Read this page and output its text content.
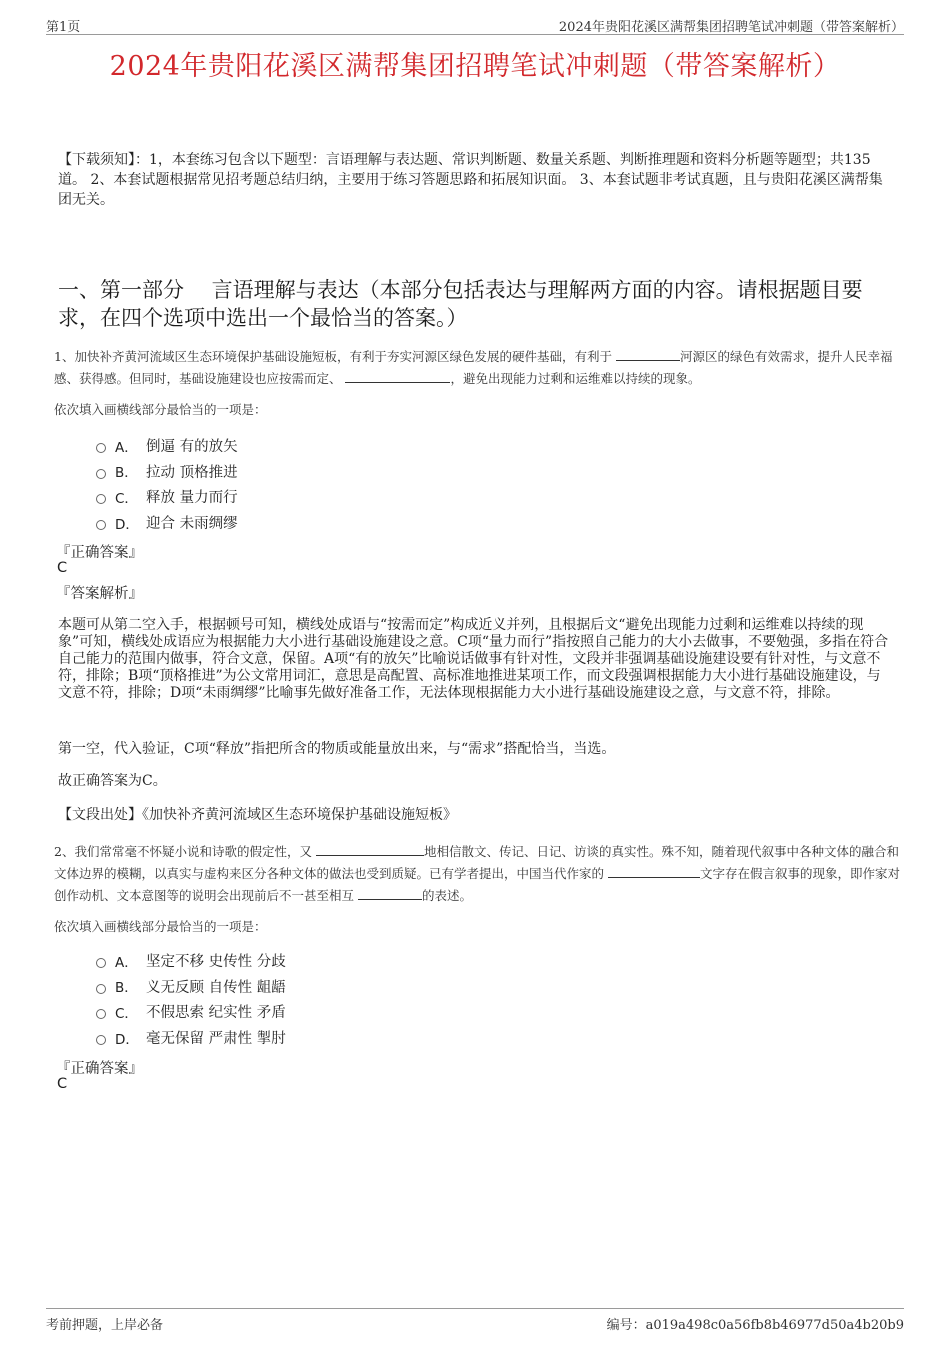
第1页	2024年贵阳花溪区满帮集团招聘笔试冲刺题（带答案解析）
2024年贵阳花溪区满帮集团招聘笔试冲刺题（带答案解析）

【下载须知】：1，本套练习包含以下题型：言语理解与表达题、常识判断题、数量关系题、判断推理题和资料分析题等题型；共135道。 2、本套试题根据常见招考题总结归纳，主要用于练习答题思路和拓展知识面。 3、本套试题非考试真题，且与贵阳花溪区满帮集团无关。

一、第一部分　 言语理解与表达（本部分包括表达与理解两方面的内容。请根据题目要求，在四个选项中选出一个最恰当的答案。）

1、加快补齐黄河流域区生态环境保护基础设施短板，有利于夯实河源区绿色发展的硬件基础，有利于	河源区的绿色有效需求，提升人民幸福感、获得感。但同时，基础设施建设也应按需而定、	，避免出现能力过剩和运维难以持续的现象。

依次填入画横线部分最恰当的一项是：

A． 倒逼 有的放矢
B． 拉动 顶格推进
C． 释放 量力而行
D． 迎合 未雨绸缪

『正确答案』

C

『答案解析』

本题可从第二空入手，根据顿号可知，横线处成语与“按需而定”构成近义并列，且根据后文“避免出现能力过剩和运维难以持续的现象”可知，横线处成语应为根据能力大小进行基础设施建设之意。C项“量力而行”指按照自己能力的大小去做事，不要勉强，多指在符合自己能力的范围内做事，符合文意，保留。A项“有的放矢”比喻说话做事有针对性，文段并非强调基础设施建设要有针对性，与文意不符，排除；B项“顶格推进”为公文常用词汇，意思是高配置、高标准地推进某项工作，而文段强调根据能力大小进行基础设施建设，与文意不符，排除；D项“未雨绸缪”比喻事先做好准备工作，无法体现根据能力大小进行基础设施建设之意，与文意不符，排除。

第一空，代入验证，C项“释放”指把所含的物质或能量放出来，与“需求”搭配恰当，当选。

故正确答案为C。

【文段出处】《加快补齐黄河流域区生态环境保护基础设施短板》

2、我们常常毫不怀疑小说和诗歌的假定性，又	地相信散文、传记、日记、访谈的真实性。殊不知，随着现代叙事中各种文体的融合和文体边界的模糊，以真实与虚构来区分各种文体的做法也受到质疑。已有学者提出，中国当代作家的	文字存在假言叙事的现象，即作家对创作动机、文本意图等的说明会出现前后不一甚至相互	的表述。

依次填入画横线部分最恰当的一项是：

A． 坚定不移 史传性 分歧
B． 义无反顾 自传性 龃龉
C． 不假思索 纪实性 矛盾
D． 毫无保留 严肃性 掣肘

『正确答案』

C

考前押题，上岸必备	编号：a019a498c0a56fb8b46977d50a4b20b9
